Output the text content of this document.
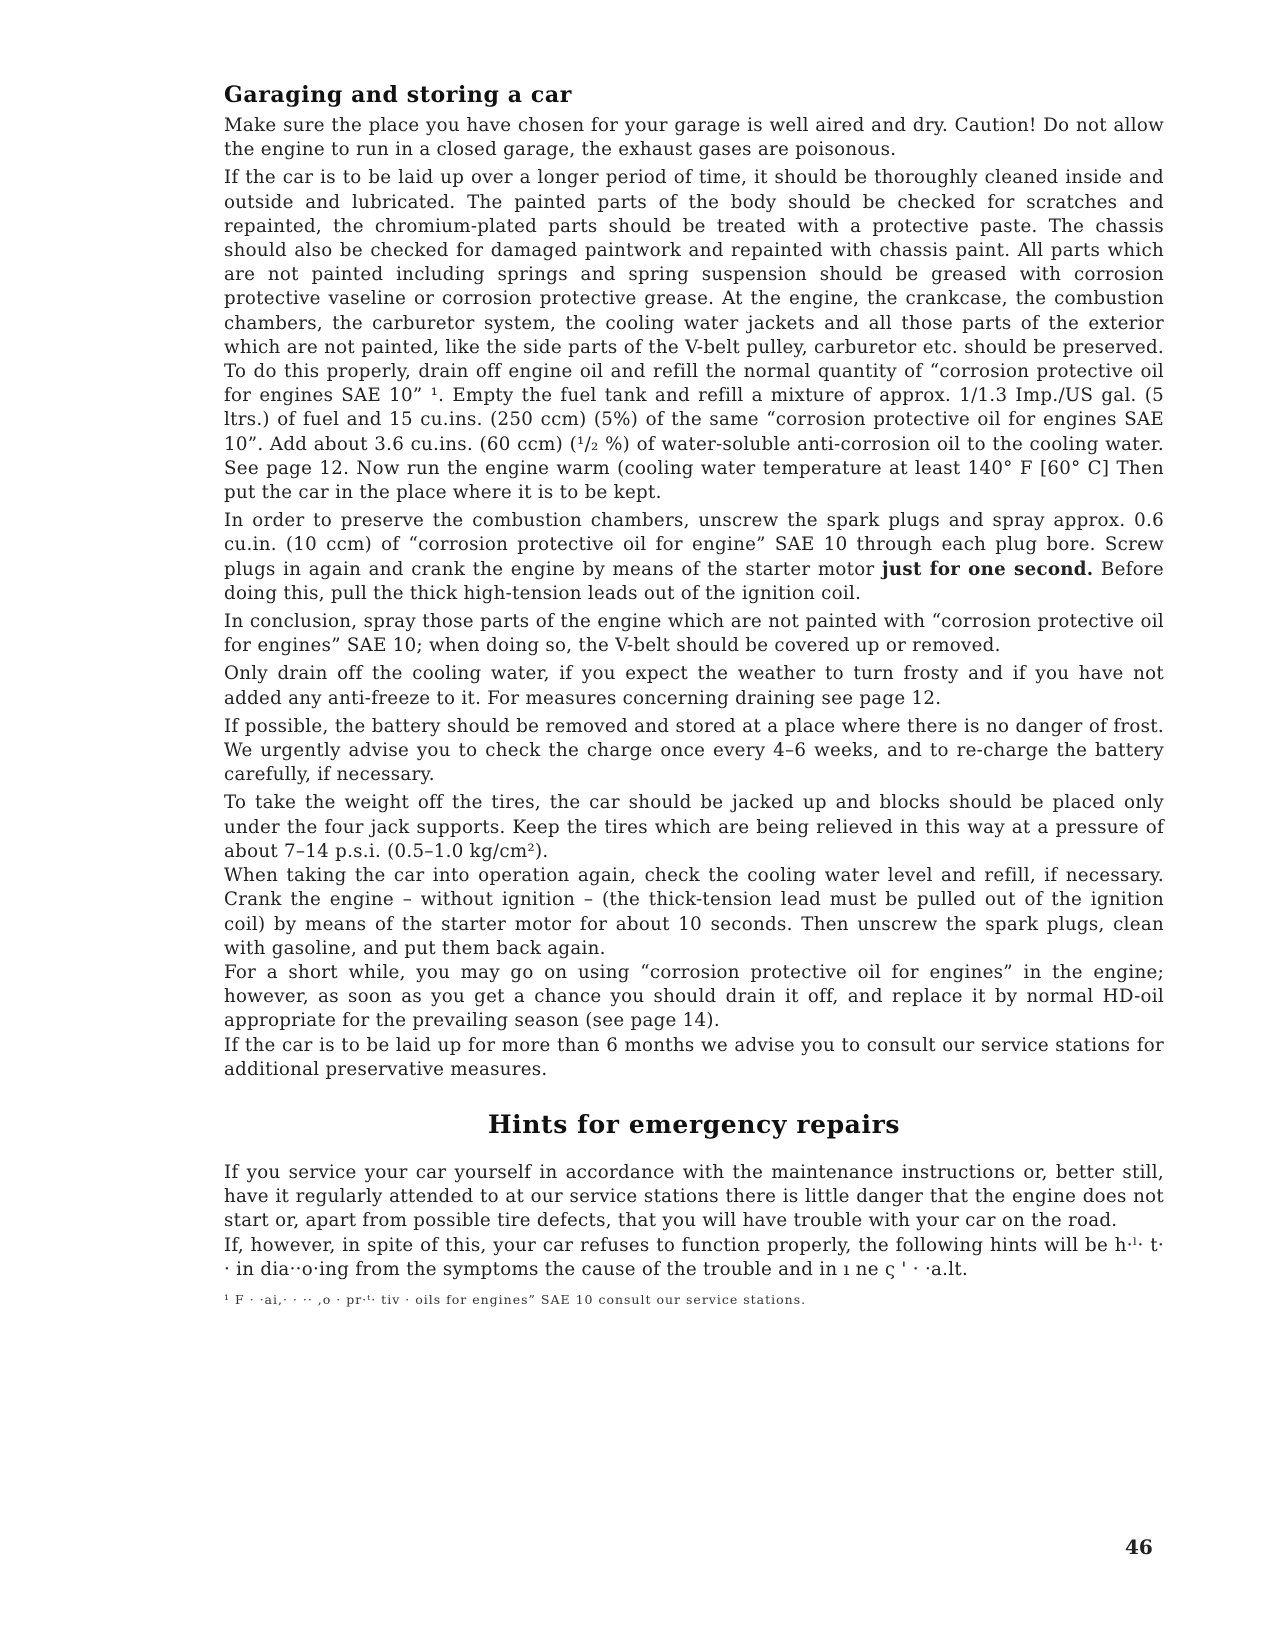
Garaging and storing a car

Make sure the place you have chosen for your garage is well aired and dry. Caution! Do not allow the engine to run in a closed garage, the exhaust gases are poisonous.

If the car is to be laid up over a longer period of time, it should be thoroughly cleaned inside and outside and lubricated. The painted parts of the body should be checked for scratches and repainted, the chromium-plated parts should be treated with a protective paste. The chassis should also be checked for damaged paintwork and repainted with chassis paint. All parts which are not painted including springs and spring suspension should be greased with corrosion protective vaseline or corrosion protective grease. At the engine, the crankcase, the combustion chambers, the carburetor system, the cooling water jackets and all those parts of the exterior which are not painted, like the side parts of the V-belt pulley, carburetor etc. should be preserved. To do this properly, drain off engine oil and refill the normal quantity of “corrosion protective oil for engines SAE 10” ¹. Empty the fuel tank and refill a mixture of approx. 1/1.3 Imp./US gal. (5 ltrs.) of fuel and 15 cu.ins. (250 ccm) (5%) of the same “corrosion protective oil for engines SAE 10”. Add about 3.6 cu.ins. (60 ccm) (¹/₂ %) of water-soluble anti-corrosion oil to the cooling water. See page 12. Now run the engine warm (cooling water temperature at least 140° F [60° C] Then put the car in the place where it is to be kept.

In order to preserve the combustion chambers, unscrew the spark plugs and spray approx. 0.6 cu.in. (10 ccm) of “corrosion protective oil for engine” SAE 10 through each plug bore. Screw plugs in again and crank the engine by means of the starter motor just for one second. Before doing this, pull the thick high-tension leads out of the ignition coil.

In conclusion, spray those parts of the engine which are not painted with “corrosion protective oil for engines” SAE 10; when doing so, the V-belt should be covered up or removed.

Only drain off the cooling water, if you expect the weather to turn frosty and if you have not added any anti-freeze to it. For measures concerning draining see page 12.

If possible, the battery should be removed and stored at a place where there is no danger of frost. We urgently advise you to check the charge once every 4–6 weeks, and to re-charge the battery carefully, if necessary.

To take the weight off the tires, the car should be jacked up and blocks should be placed only under the four jack supports. Keep the tires which are being relieved in this way at a pressure of about 7–14 p.s.i. (0.5–1.0 kg/cm²).

When taking the car into operation again, check the cooling water level and refill, if necessary. Crank the engine – without ignition – (the thick-tension lead must be pulled out of the ignition coil) by means of the starter motor for about 10 seconds. Then unscrew the spark plugs, clean with gasoline, and put them back again.

For a short while, you may go on using “corrosion protective oil for engines” in the engine; however, as soon as you get a chance you should drain it off, and replace it by normal HD-oil appropriate for the prevailing season (see page 14).

If the car is to be laid up for more than 6 months we advise you to consult our service stations for additional preservative measures.

Hints for emergency repairs

If you service your car yourself in accordance with the maintenance instructions or, better still, have it regularly attended to at our service stations there is little danger that the engine does not start or, apart from possible tire defects, that you will have trouble with your car on the road.

If, however, in spite of this, your car refuses to function properly, the following hints will be h·ˡ· t· · in dia··o·ing from the symptoms the cause of the trouble and in ı ne ς ' · ·a.lt.

¹ F · ·ai,· · ·· ,o · pr·ᵗ· tiv · oils for engines” SAE 10 consult our service stations.
46
